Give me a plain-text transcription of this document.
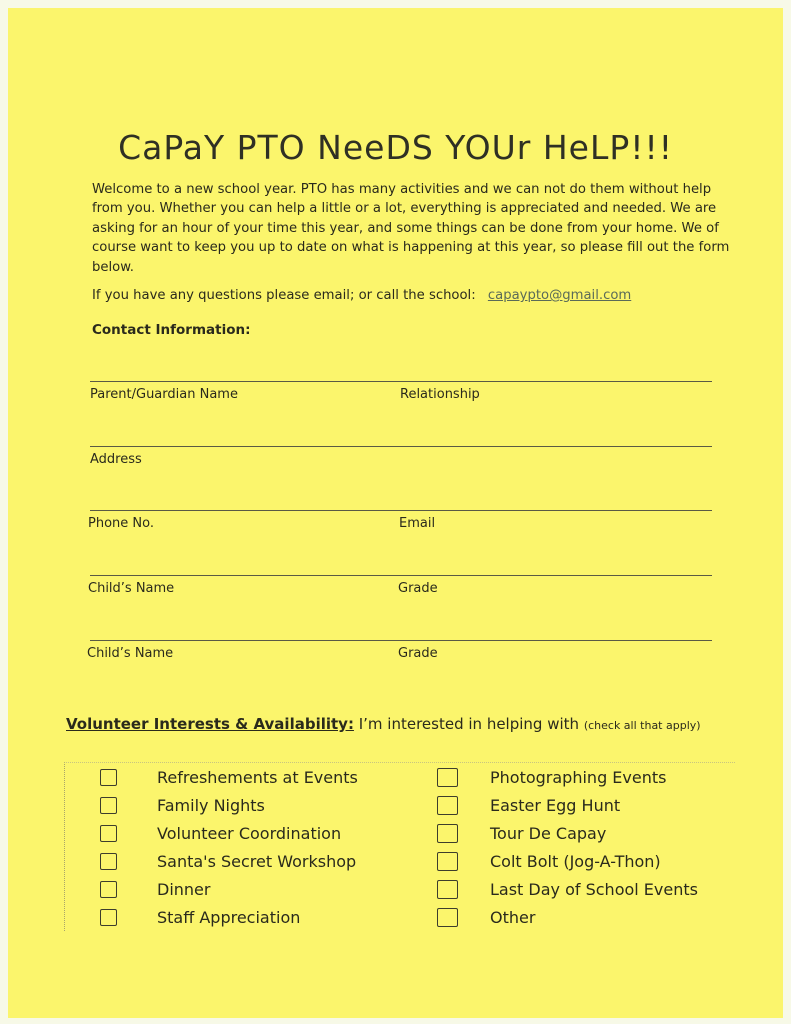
CaPaY PTO NeeDS YOUr HeLP!!!
Welcome to a new school year. PTO has many activities and we can not do them without help from you. Whether you can help a little or a lot, everything is appreciated and needed. We are asking for an hour of your time this year, and some things can be done from your home. We of course want to keep you up to date on what is happening at this year, so please fill out the form below.
If you have any questions please email; or call the school: capaypto@gmail.com
Contact Information:
Parent/Guardian Name	Relationship
Address
Phone No.	Email
Child’s Name	Grade
Child’s Name	Grade
Volunteer Interests & Availability: I’m interested in helping with (check all that apply)
Refreshements at Events
Family Nights
Volunteer Coordination
Santa's Secret Workshop
Dinner
Staff Appreciation
Photographing Events
Easter Egg Hunt
Tour De Capay
Colt Bolt (Jog-A-Thon)
Last Day of School Events
Other
